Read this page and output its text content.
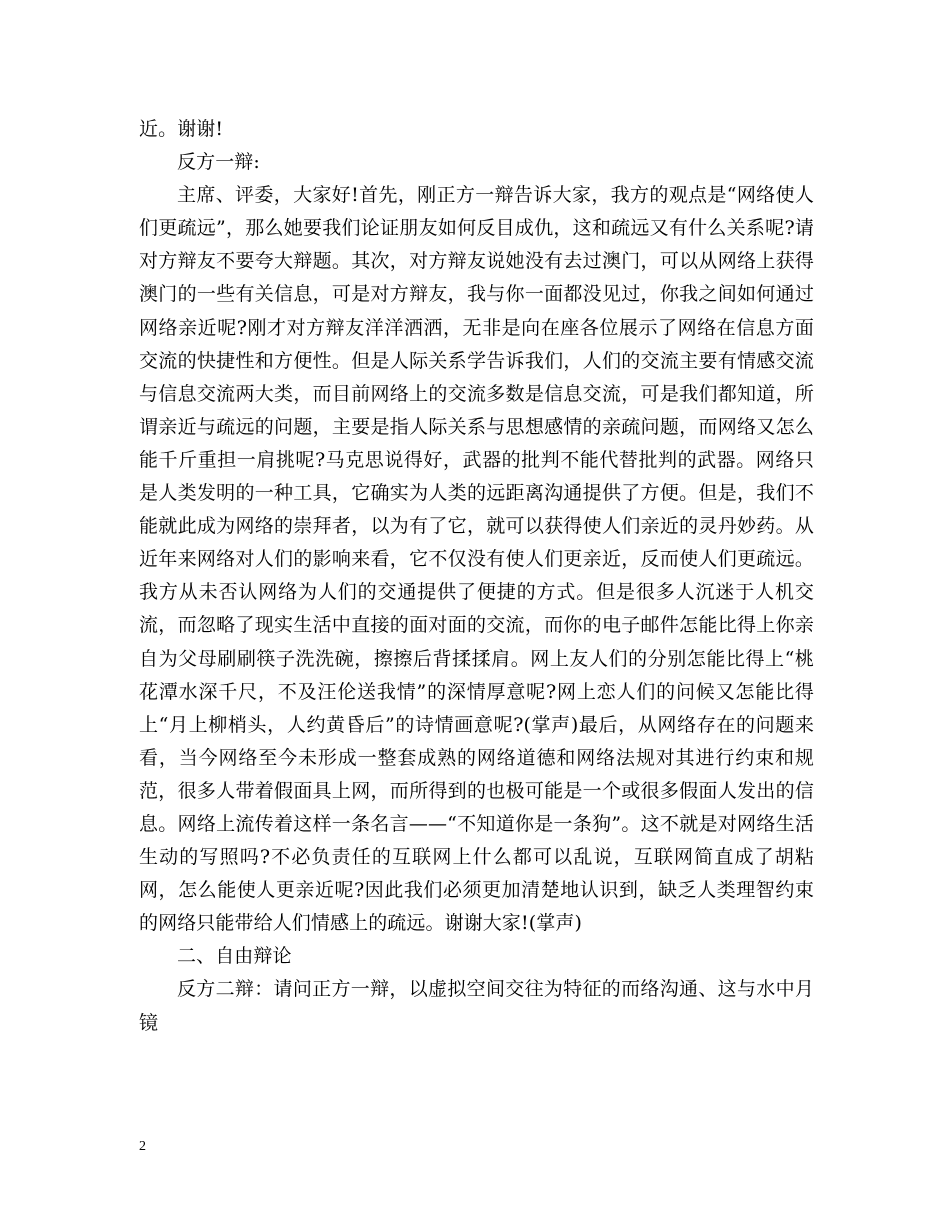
近。谢谢!

反方一辩:

主席、评委，大家好!首先，刚正方一辩告诉大家，我方的观点是“网络使人们更疏远”，那么她要我们论证朋友如何反目成仇，这和疏远又有什么关系呢?请对方辩友不要夸大辩题。其次，对方辩友说她没有去过澳门，可以从网络上获得澳门的一些有关信息，可是对方辩友，我与你一面都没见过，你我之间如何通过网络亲近呢?刚才对方辩友洋洋洒洒，无非是向在座各位展示了网络在信息方面交流的快捷性和方便性。但是人际关系学告诉我们，人们的交流主要有情感交流与信息交流两大类，而目前网络上的交流多数是信息交流，可是我们都知道，所谓亲近与疏远的问题，主要是指人际关系与思想感情的亲疏问题，而网络又怎么能千斤重担一肩挑呢?马克思说得好，武器的批判不能代替批判的武器。网络只是人类发明的一种工具，它确实为人类的远距离沟通提供了方便。但是，我们不能就此成为网络的崇拜者，以为有了它，就可以获得使人们亲近的灵丹妙药。从近年来网络对人们的影响来看，它不仅没有使人们更亲近，反而使人们更疏远。我方从未否认网络为人们的交通提供了便捷的方式。但是很多人沉迷于人机交流，而忽略了现实生活中直接的面对面的交流，而你的电子邮件怎能比得上你亲自为父母刷刷筷子洗洗碗，擦擦后背揉揉肩。网上友人们的分别怎能比得上“桃花潭水深千尺，不及汪伦送我情”的深情厚意呢?网上恋人们的问候又怎能比得上“月上柳梢头，人约黄昏后”的诗情画意呢?(掌声)最后，从网络存在的问题来看，当今网络至今未形成一整套成熟的网络道德和网络法规对其进行约束和规范，很多人带着假面具上网，而所得到的也极可能是一个或很多假面人发出的信息。网络上流传着这样一条名言——“不知道你是一条狗”。这不就是对网络生活生动的写照吗?不必负责任的互联网上什么都可以乱说，互联网简直成了胡粘网，怎么能使人更亲近呢?因此我们必须更加清楚地认识到，缺乏人类理智约束的网络只能带给人们情感上的疏远。谢谢大家!(掌声)

二、自由辩论

反方二辩：请问正方一辩，以虚拟空间交往为特征的而络沟通、这与水中月镜

2
